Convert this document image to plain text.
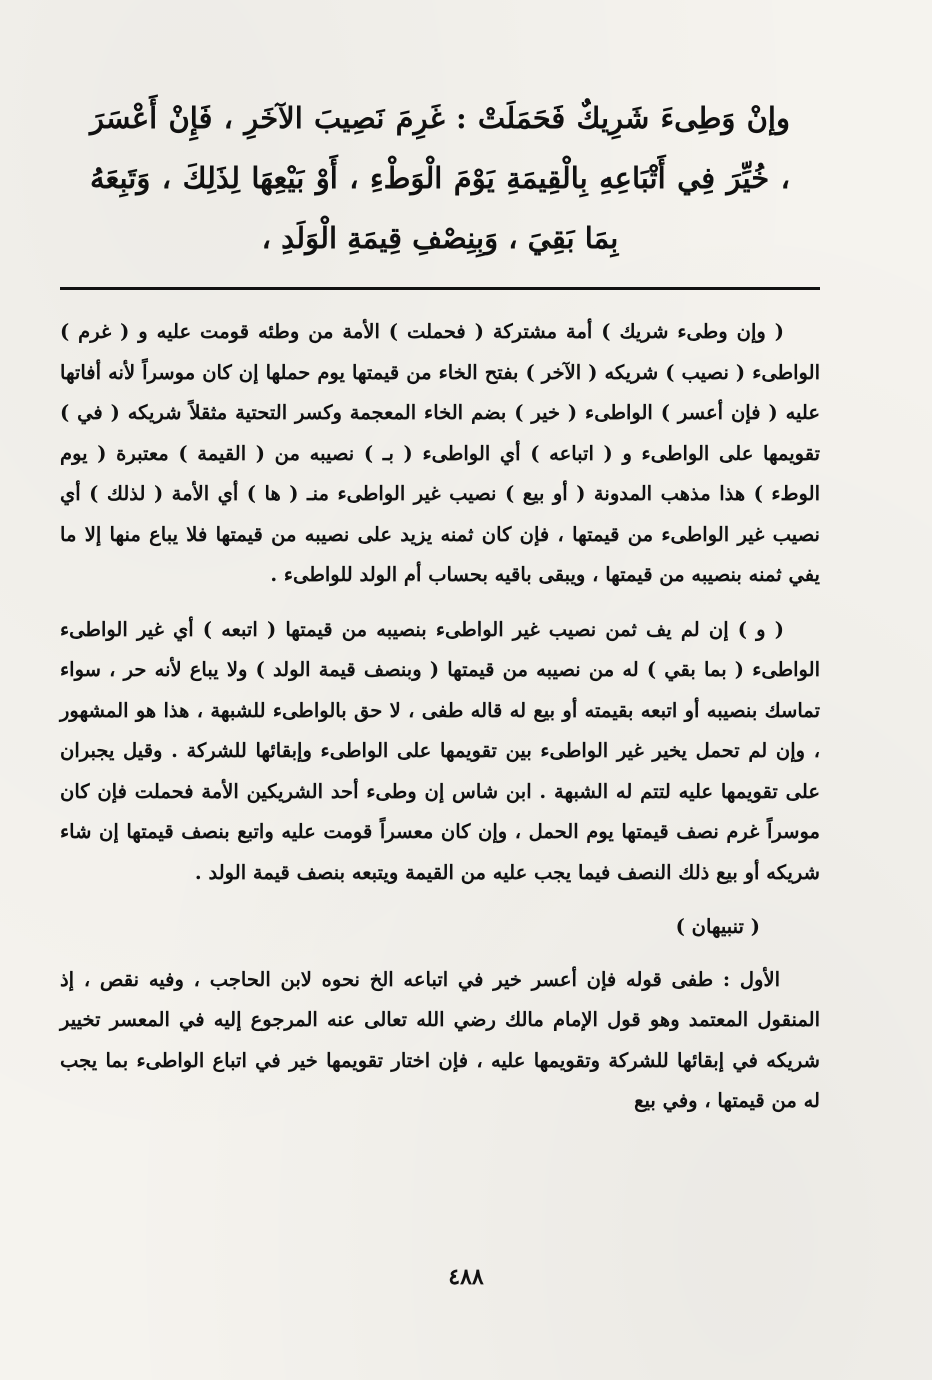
وإنْ وَطِىءَ شَرِيكٌ فَحَمَلَتْ : غَرِمَ نَصِيبَ الآخَرِ ، فَإِنْ أَعْسَرَ ، خُيِّرَ فِي أَتْبَاعِهِ بِالْقِيمَةِ يَوْمَ الْوَطْءِ ، أَوْ بَيْعِهَا لِذَلِكَ ، وَتَبِعَهُ بِمَا بَقِيَ ، وَبِنِصْفِ قِيمَةِ الْوَلَدِ ،

( وإن وطىء شريك ) أمة مشتركة ( فحملت ) الأمة من وطئه قومت عليه و ( غرم ) الواطىء ( نصيب ) شريكه ( الآخر ) بفتح الخاء من قيمتها يوم حملها إن كان موسراً لأنه أفاتها عليه ( فإن أعسر ) الواطىء ( خير ) بضم الخاء المعجمة وكسر التحتية مثقلاً شريكه ( في ) تقويمها على الواطىء و ( اتباعه ) أي الواطىء ( بـ ) نصيبه من ( القيمة ) معتبرة ( يوم الوطء ) هذا مذهب المدونة ( أو بيع ) نصيب غير الواطىء منـ ( ها ) أي الأمة ( لذلك ) أي نصيب غير الواطىء من قيمتها ، فإن كان ثمنه يزيد على نصيبه من قيمتها فلا يباع منها إلا ما يفي ثمنه بنصيبه من قيمتها ، ويبقى باقيه بحساب أم الولد للواطىء .

( و ) إن لم يف ثمن نصيب غير الواطىء بنصيبه من قيمتها ( اتبعه ) أي غير الواطىء الواطىء ( بما بقي ) له من نصيبه من قيمتها ( وبنصف قيمة الولد ) ولا يباع لأنه حر ، سواء تماسك بنصيبه أو اتبعه بقيمته أو بيع له قاله طفى ، لا حق بالواطىء للشبهة ، هذا هو المشهور ، وإن لم تحمل يخير غير الواطىء بين تقويمها على الواطىء وإبقائها للشركة . وقيل يجبران على تقويمها عليه لتتم له الشبهة . ابن شاس إن وطىء أحد الشريكين الأمة فحملت فإن كان موسراً غرم نصف قيمتها يوم الحمل ، وإن كان معسراً قومت عليه واتبع بنصف قيمتها إن شاء شريكه أو بيع ذلك النصف فيما يجب عليه من القيمة ويتبعه بنصف قيمة الولد .

( تنبيهان )

الأول : طفى قوله فإن أعسر خير في اتباعه الخ نحوه لابن الحاجب ، وفيه نقص ، إذ المنقول المعتمد وهو قول الإمام مالك رضي الله تعالى عنه المرجوع إليه في المعسر تخيير شريكه في إبقائها للشركة وتقويمها عليه ، فإن اختار تقويمها خير في اتباع الواطىء بما يجب له من قيمتها ، وفي بيع

٤٨٨
